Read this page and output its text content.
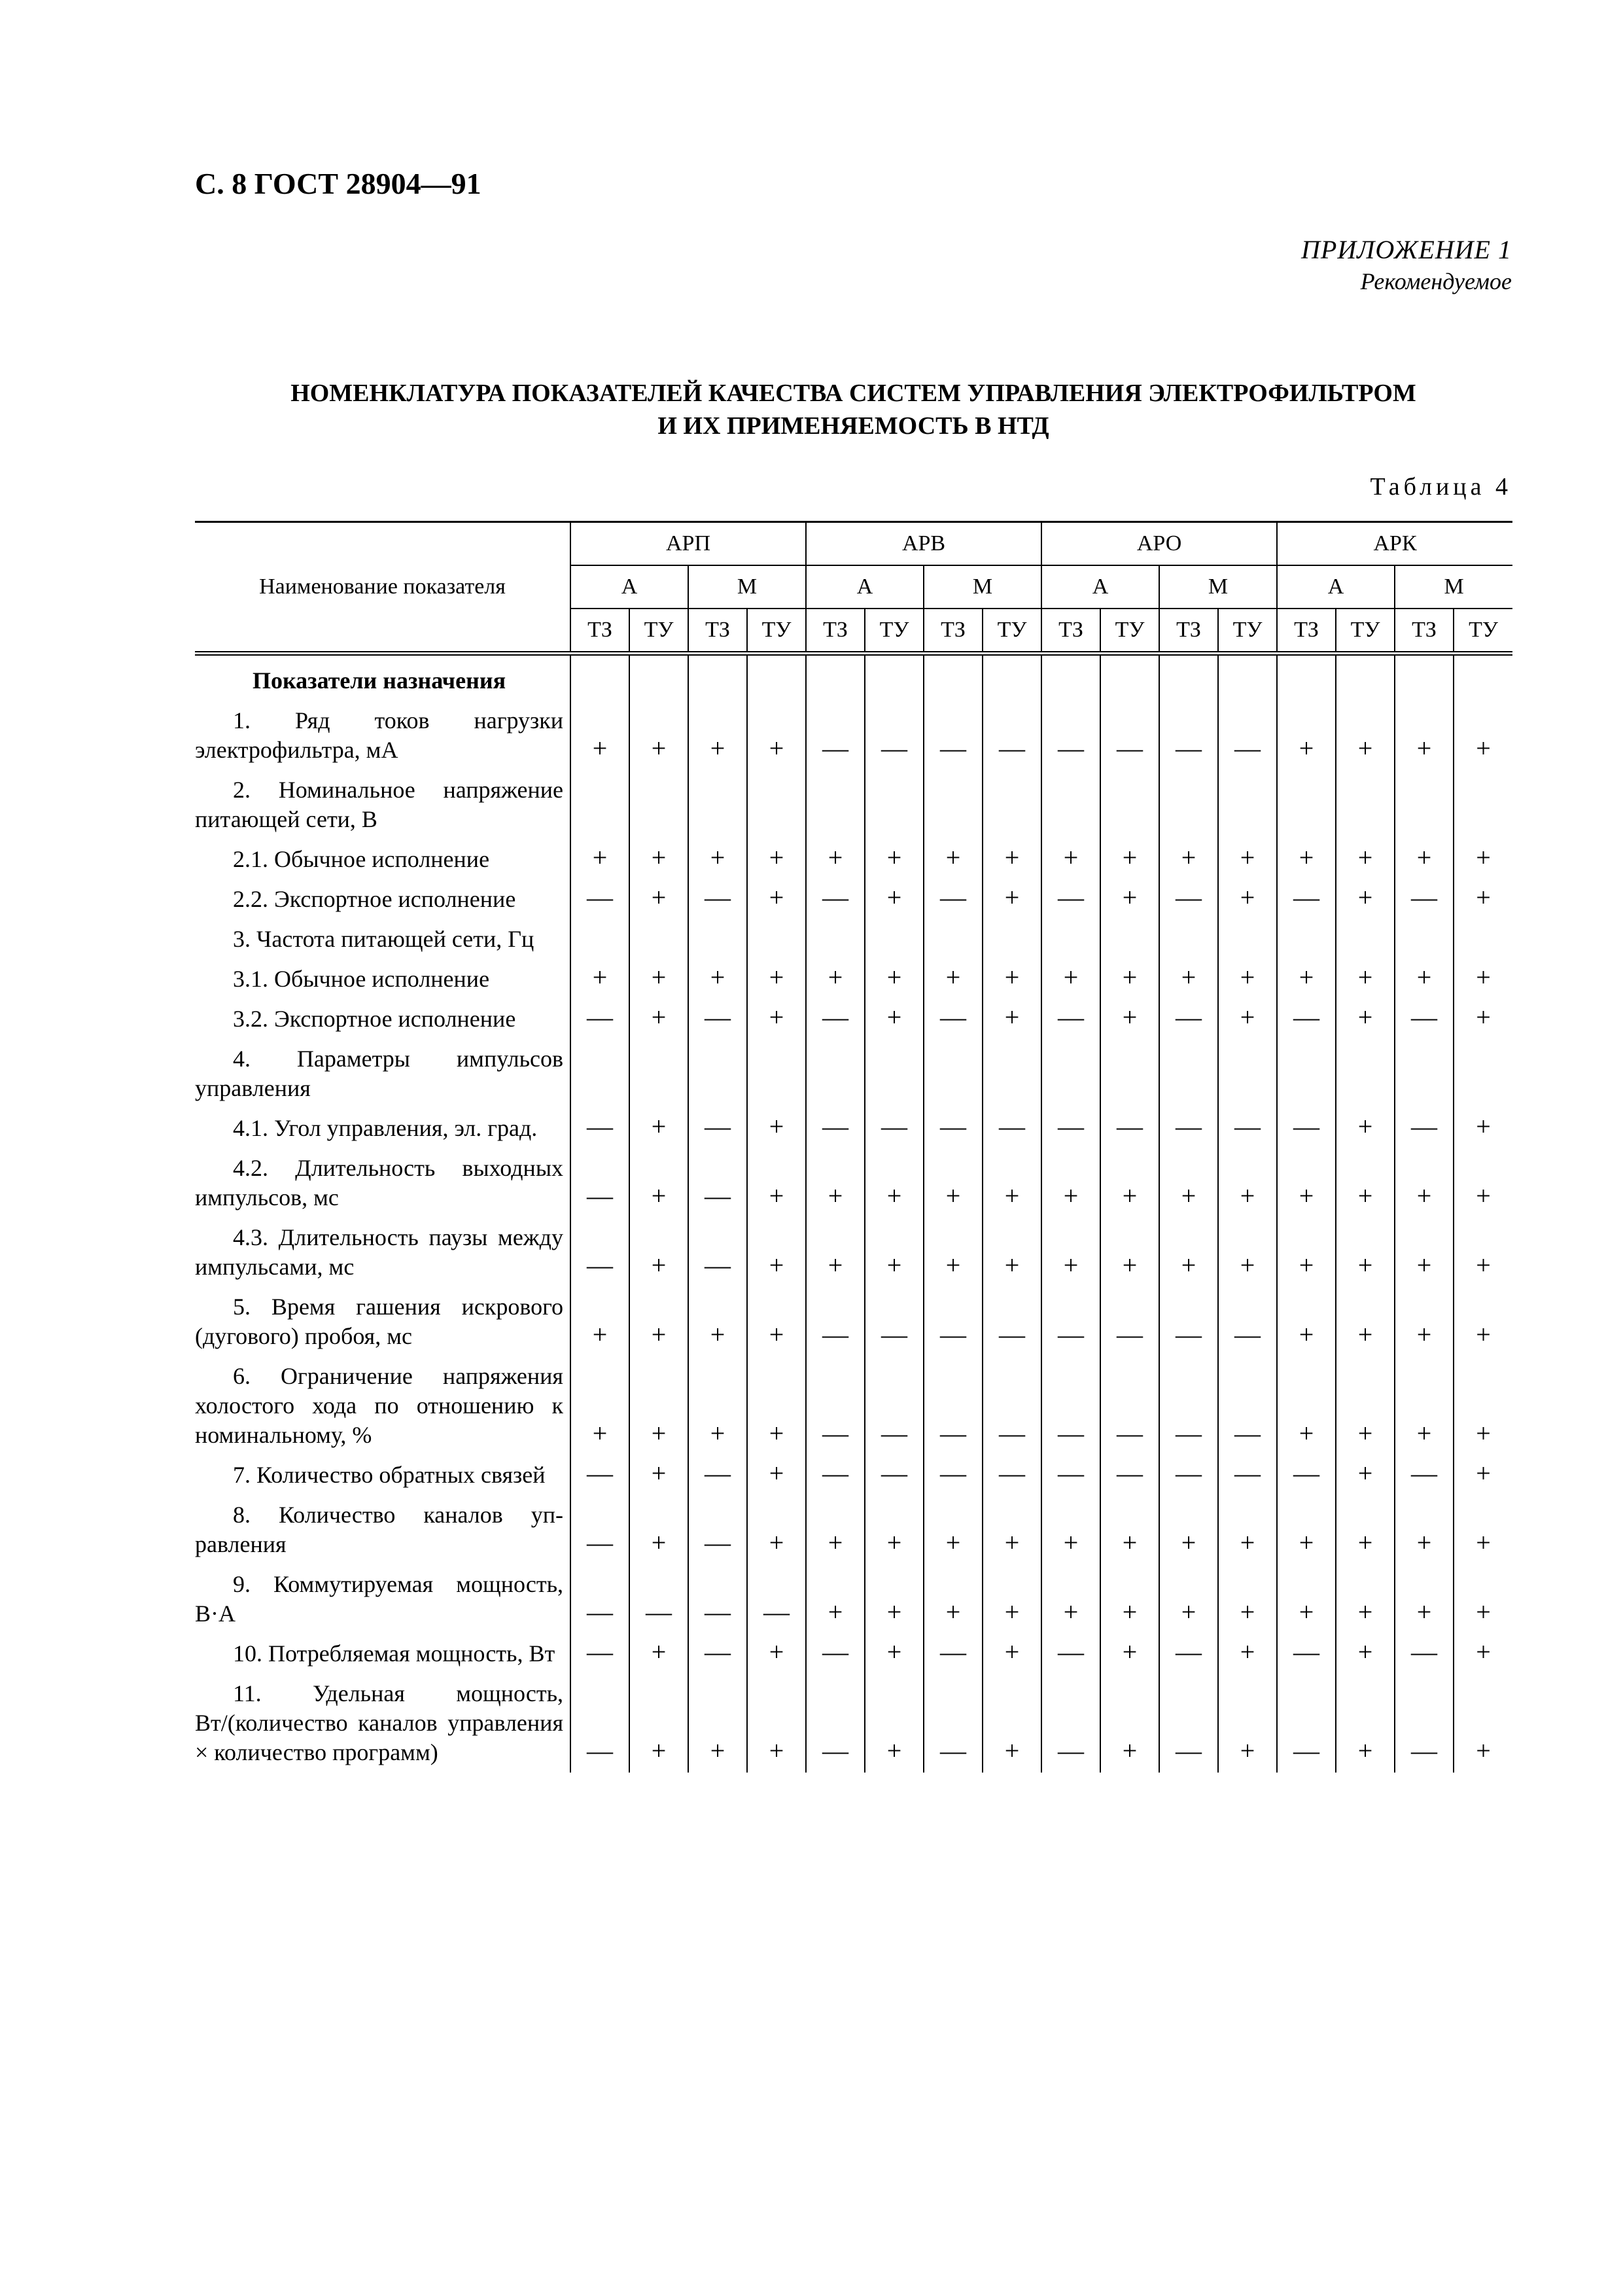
С. 8 ГОСТ 28904—91
ПРИЛОЖЕНИЕ 1
Рекомендуемое
НОМЕНКЛАТУРА ПОКАЗАТЕЛЕЙ КАЧЕСТВА СИСТЕМ УПРАВЛЕНИЯ ЭЛЕКТРОФИЛЬТРОМ
И ИХ ПРИМЕНЯЕМОСТЬ В НТД
Таблица 4
Наименование показателя	АРП				АРВ				АРО				АРК			
	А		М		А		М		А		М		А		М	
	ТЗ	ТУ	ТЗ	ТУ	ТЗ	ТУ	ТЗ	ТУ	ТЗ	ТУ	ТЗ	ТУ	ТЗ	ТУ	ТЗ	ТУ
Показатели назначения																
1. Ряд токов нагрузки электрофильтра, мА	+	+	+	+	—	—	—	—	—	—	—	—	+	+	+	+
2. Номинальное напряжение питающей сети, В																
2.1. Обычное исполнение	+	+	+	+	+	+	+	+	+	+	+	+	+	+	+	+
2.2. Экспортное исполнение	—	+	—	+	—	+	—	+	—	+	—	+	—	+	—	+
3. Частота питающей сети, Гц																
3.1. Обычное исполнение	+	+	+	+	+	+	+	+	+	+	+	+	+	+	+	+
3.2. Экспортное исполнение	—	+	—	+	—	+	—	+	—	+	—	+	—	+	—	+
4. Параметры импульсов управления																
4.1. Угол управления, эл. град.	—	+	—	+	—	—	—	—	—	—	—	—	—	+	—	+
4.2. Длительность выходных импульсов, мс	—	+	—	+	+	+	+	+	+	+	+	+	+	+	+	+
4.3. Длительность паузы между импульсами, мс	—	+	—	+	+	+	+	+	+	+	+	+	+	+	+	+
5. Время гашения искрового (дугового) пробоя, мс	+	+	+	+	—	—	—	—	—	—	—	—	+	+	+	+
6. Ограничение напряжения холостого хода по отношению к номинальному, %	+	+	+	+	—	—	—	—	—	—	—	—	+	+	+	+
7. Количество обратных связей	—	+	—	+	—	—	—	—	—	—	—	—	—	+	—	+
8. Количество каналов управления	—	+	—	+	+	+	+	+	+	+	+	+	+	+	+	+
9. Коммутируемая мощность, В·А	—	—	—	—	+	+	+	+	+	+	+	+	+	+	+	+
10. Потребляемая мощность, Вт	—	+	—	+	—	+	—	+	—	+	—	+	—	+	—	+
11. Удельная мощность, Вт/(количество каналов управления × количество программ)	—	+	+	+	—	+	—	+	—	+	—	+	—	+	—	+
